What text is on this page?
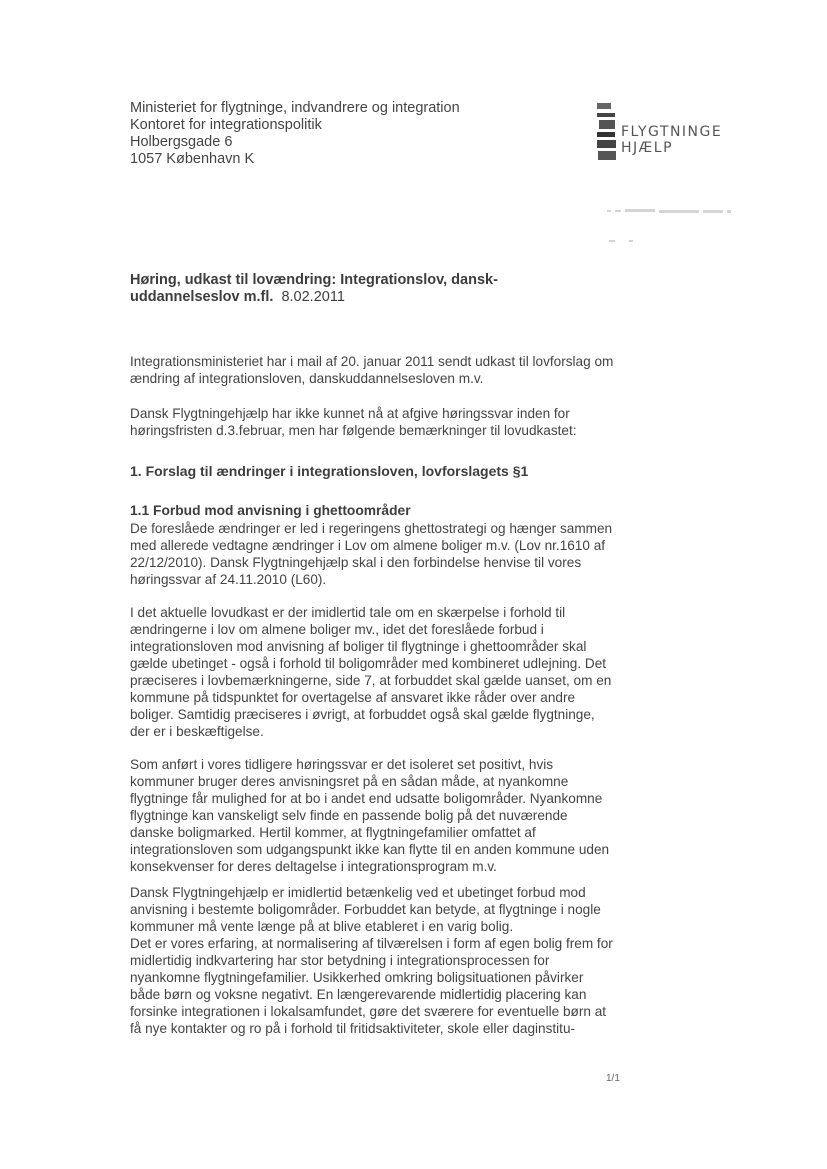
Ministeriet for flygtninge, indvandrere og integration
Kontoret for integrationspolitik
Holbergsgade 6
1057 København K
FLYGTNINGE
HJÆLP
Høring, udkast til lovændring: Integrationslov, dansk- uddannelseslov m.fl. 8.02.2011

Integrationsministeriet har i mail af 20. januar 2011 sendt udkast til lovforslag om ændring af integrationsloven, danskuddannelsesloven m.v.

Dansk Flygtningehjælp har ikke kunnet nå at afgive høringssvar inden for høringsfristen d.3.februar, men har følgende bemærkninger til lovudkastet:

1. Forslag til ændringer i integrationsloven, lovforslagets §1
1.1 Forbud mod anvisning i ghettoområder

De foreslåede ændringer er led i regeringens ghettostrategi og hænger sammen med allerede vedtagne ændringer i Lov om almene boliger m.v. (Lov nr.1610 af 22/12/2010). Dansk Flygtningehjælp skal i den forbindelse henvise til vores høringssvar af 24.11.2010 (L60).

I det aktuelle lovudkast er der imidlertid tale om en skærpelse i forhold til ændringerne i lov om almene boliger mv., idet det foreslåede forbud i integrationsloven mod anvisning af boliger til flygtninge i ghettoområder skal gælde ubetinget - også i forhold til boligområder med kombineret udlejning. Det præciseres i lovbemærkningerne, side 7, at forbuddet skal gælde uanset, om en kommune på tidspunktet for overtagelse af ansvaret ikke råder over andre boliger. Samtidig præciseres i øvrigt, at forbuddet også skal gælde flygtninge, der er i beskæftigelse.

Som anført i vores tidligere høringssvar er det isoleret set positivt, hvis kommuner bruger deres anvisningsret på en sådan måde, at nyankomne flygtninge får mulighed for at bo i andet end udsatte boligområder. Nyankomne flygtninge kan vanskeligt selv finde en passende bolig på det nuværende danske boligmarked. Hertil kommer, at flygtningefamilier omfattet af integrationsloven som udgangspunkt ikke kan flytte til en anden kommune uden konsekvenser for deres deltagelse i integrationsprogram m.v.

Dansk Flygtningehjælp er imidlertid betænkelig ved et ubetinget forbud mod anvisning i bestemte boligområder. Forbuddet kan betyde, at flygtninge i nogle kommuner må vente længe på at blive etableret i en varig bolig.

Det er vores erfaring, at normalisering af tilværelsen i form af egen bolig frem for midlertidig indkvartering har stor betydning i integrationsprocessen for nyankomne flygtningefamilier. Usikkerhed omkring boligsituationen påvirker både børn og voksne negativt. En længerevarende midlertidig placering kan forsinke integrationen i lokalsamfundet, gøre det sværere for eventuelle børn at få nye kontakter og ro på i forhold til fritidsaktiviteter, skole eller daginstitu-

1/1
